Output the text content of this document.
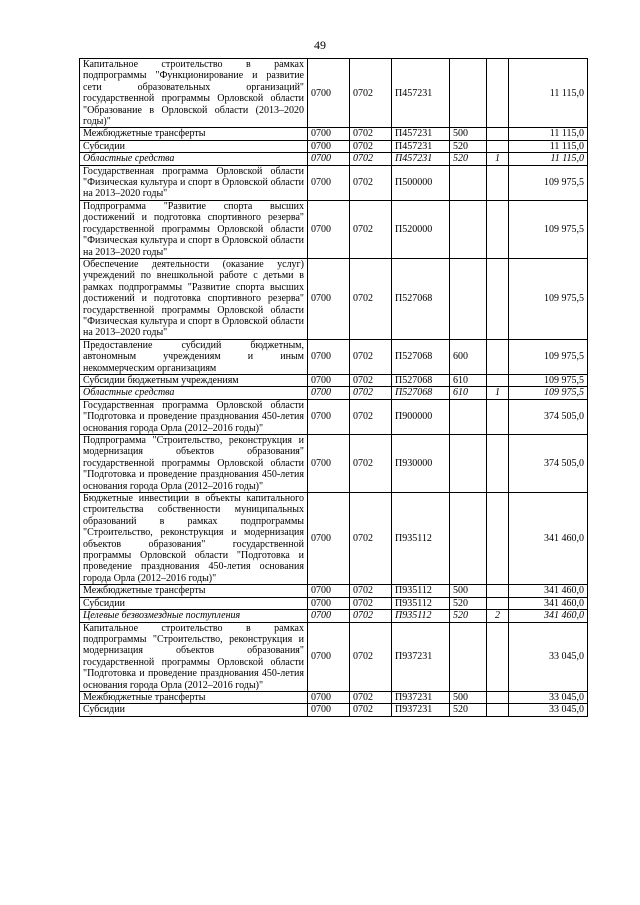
49
Капитальное строительство в рамках подпрограммы "Функционирование и развитие сети образовательных организаций" государственной программы Орловской области "Образование в Орловской области (2013–2020 годы)"	0700	0702	П457231			11 115,0
Межбюджетные трансферты	0700	0702	П457231	500		11 115,0
Субсидии	0700	0702	П457231	520		11 115,0
Областные средства	0700	0702	П457231	520	1	11 115,0
Государственная программа Орловской области "Физическая культура и спорт в Орловской области на 2013–2020 годы"	0700	0702	П500000			109 975,5
Подпрограмма "Развитие спорта высших достижений и подготовка спортивного резерва" государственной программы Орловской области "Физическая культура и спорт в Орловской области на 2013–2020 годы"	0700	0702	П520000			109 975,5
Обеспечение деятельности (оказание услуг) учреждений по внешкольной работе с детьми в рамках подпрограммы "Развитие спорта высших достижений и подготовка спортивного резерва" государственной программы Орловской области "Физическая культура и спорт в Орловской области на 2013–2020 годы"	0700	0702	П527068			109 975,5
Предоставление субсидий бюджетным, автономным учреждениям и иным некоммерческим организациям	0700	0702	П527068	600		109 975,5
Субсидии бюджетным учреждениям	0700	0702	П527068	610		109 975,5
Областные средства	0700	0702	П527068	610	1	109 975,5
Государственная программа Орловской области "Подготовка и проведение празднования 450-летия основания города Орла (2012–2016 годы)"	0700	0702	П900000			374 505,0
Подпрограмма "Строительство, реконструкция и модернизация объектов образования" государственной программы Орловской области "Подготовка и проведение празднования 450-летия основания города Орла (2012–2016 годы)"	0700	0702	П930000			374 505,0
Бюджетные инвестиции в объекты капитального строительства собственности муниципальных образований в рамках подпрограммы "Строительство, реконструкция и модернизация объектов образования" государственной программы Орловской области "Подготовка и проведение празднования 450-летия основания города Орла (2012–2016 годы)"	0700	0702	П935112			341 460,0
Межбюджетные трансферты	0700	0702	П935112	500		341 460,0
Субсидии	0700	0702	П935112	520		341 460,0
Целевые безвозмездные поступления	0700	0702	П935112	520	2	341 460,0
Капитальное строительство в рамках подпрограммы "Строительство, реконструкция и модернизация объектов образования" государственной программы Орловской области "Подготовка и проведение празднования 450-летия основания города Орла (2012–2016 годы)"	0700	0702	П937231			33 045,0
Межбюджетные трансферты	0700	0702	П937231	500		33 045,0
Субсидии	0700	0702	П937231	520		33 045,0
